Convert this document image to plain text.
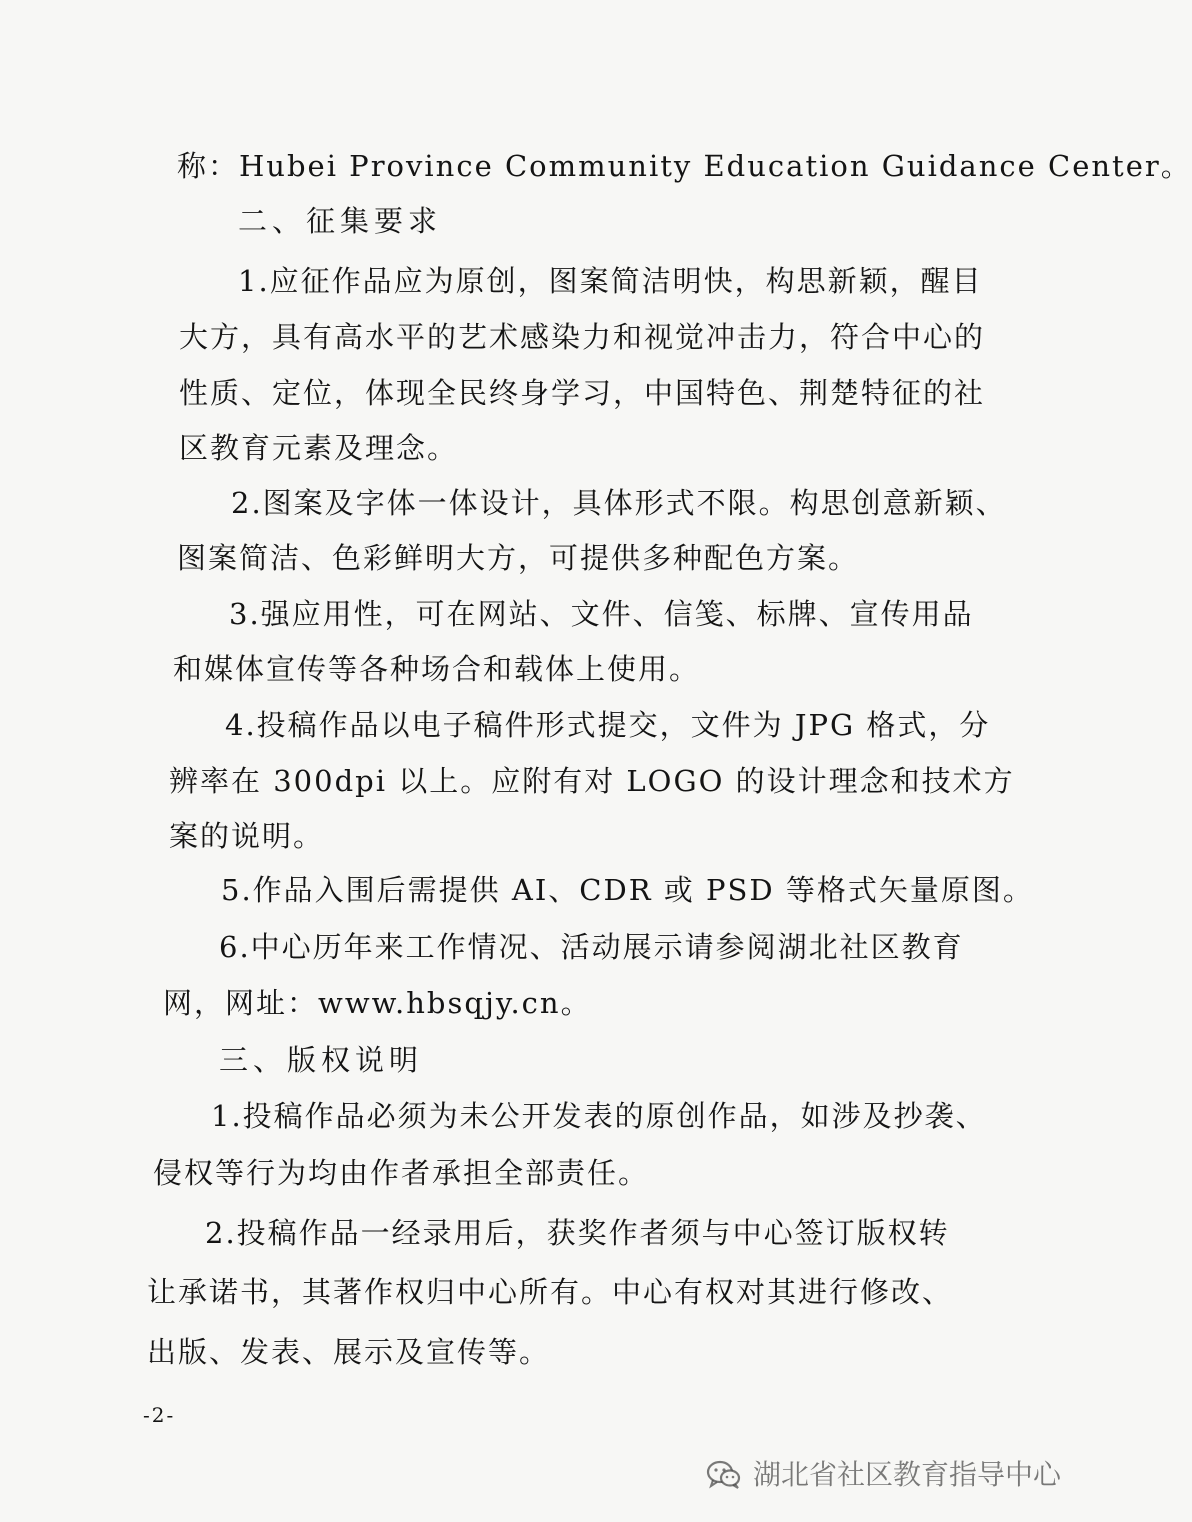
称：Hubei Province Community Education Guidance Center。
二、征集要求
1.应征作品应为原创，图案简洁明快，构思新颖，醒目
大方，具有高水平的艺术感染力和视觉冲击力，符合中心的
性质、定位，体现全民终身学习，中国特色、荆楚特征的社
区教育元素及理念。
2.图案及字体一体设计，具体形式不限。构思创意新颖、
图案简洁、色彩鲜明大方，可提供多种配色方案。
3.强应用性，可在网站、文件、信笺、标牌、宣传用品
和媒体宣传等各种场合和载体上使用。
4.投稿作品以电子稿件形式提交，文件为 JPG 格式，分
辨率在 300dpi 以上。应附有对 LOGO 的设计理念和技术方
案的说明。
5.作品入围后需提供 AI、CDR 或 PSD 等格式矢量原图。
6.中心历年来工作情况、活动展示请参阅湖北社区教育
网，网址：www.hbsqjy.cn。
三、版权说明
1.投稿作品必须为未公开发表的原创作品，如涉及抄袭、
侵权等行为均由作者承担全部责任。
2.投稿作品一经录用后，获奖作者须与中心签订版权转
让承诺书，其著作权归中心所有。中心有权对其进行修改、
出版、发表、展示及宣传等。
-2-
湖北省社区教育指导中心
